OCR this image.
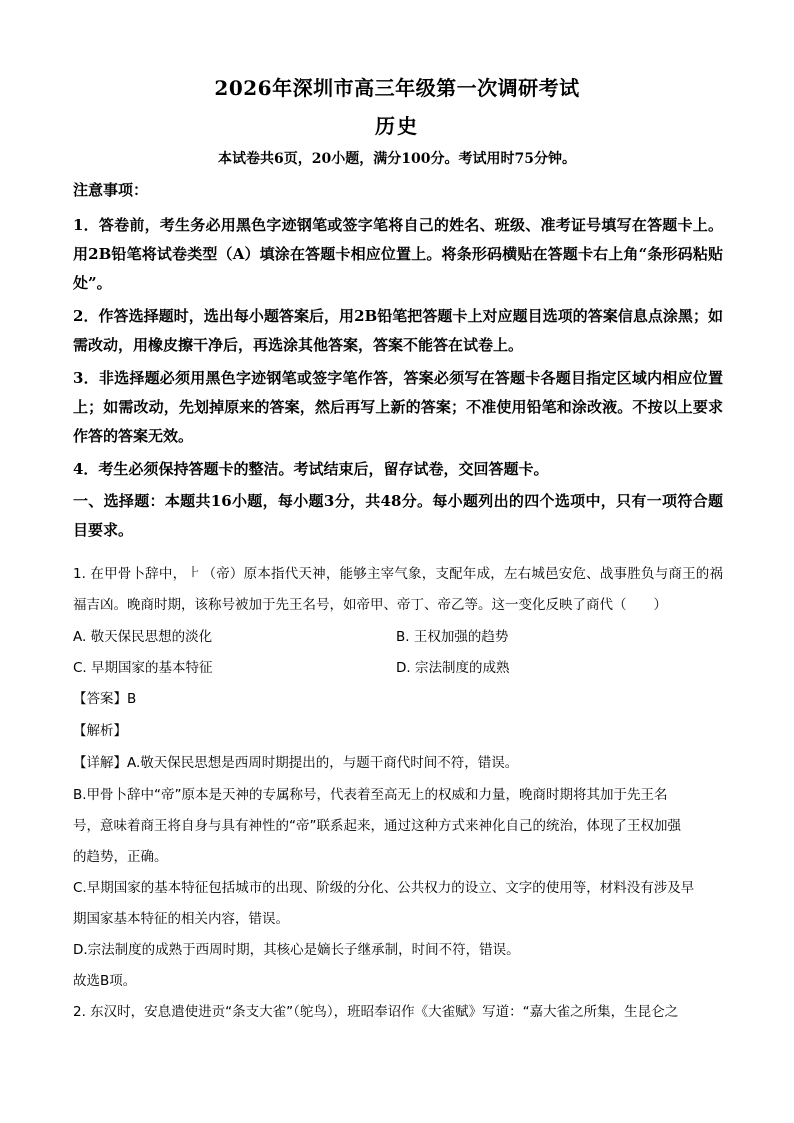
2026年深圳市高三年级第一次调研考试
历史
本试卷共6页，20小题，满分100分。考试用时75分钟。
注意事项：
1．答卷前，考生务必用黑色字迹钢笔或签字笔将自己的姓名、班级、准考证号填写在答题卡上。用2B铅笔将试卷类型（A）填涂在答题卡相应位置上。将条形码横贴在答题卡右上角“条形码粘贴处”。
2．作答选择题时，选出每小题答案后，用2B铅笔把答题卡上对应题目选项的答案信息点涂黑；如需改动，用橡皮擦干净后，再选涂其他答案，答案不能答在试卷上。
3．非选择题必须用黑色字迹钢笔或签字笔作答，答案必须写在答题卡各题目指定区域内相应位置上；如需改动，先划掉原来的答案，然后再写上新的答案；不准使用铅笔和涂改液。不按以上要求作答的答案无效。
4．考生必须保持答题卡的整洁。考试结束后，留存试卷，交回答题卡。
一、选择题：本题共16小题，每小题3分，共48分。每小题列出的四个选项中，只有一项符合题目要求。
1. 在甲骨卜辞中， ⺊ （帝）原本指代天神，能够主宰气象，支配年成，左右城邑安危、战事胜负与商王的祸福吉凶。晚商时期，该称号被加于先王名号，如帝甲、帝丁、帝乙等。这一变化反映了商代（　　）
A. 敬天保民思想的淡化	B. 王权加强的趋势
C. 早期国家的基本特征	D. 宗法制度的成熟
【答案】B
【解析】
【详解】A.敬天保民思想是西周时期提出的，与题干商代时间不符，错误。
B.甲骨卜辞中“帝”原本是天神的专属称号，代表着至高无上的权威和力量，晚商时期将其加于先王名
号，意味着商王将自身与具有神性的“帝”联系起来，通过这种方式来神化自己的统治，体现了王权加强
的趋势，正确。
C.早期国家的基本特征包括城市的出现、阶级的分化、公共权力的设立、文字的使用等，材料没有涉及早
期国家基本特征的相关内容，错误。
D.宗法制度的成熟于西周时期，其核心是嫡长子继承制，时间不符，错误。
故选B项。
2. 东汉时，安息遣使进贡“条支大雀”（鸵鸟），班昭奉诏作《大雀赋》写道：“嘉大雀之所集，生昆仑之
